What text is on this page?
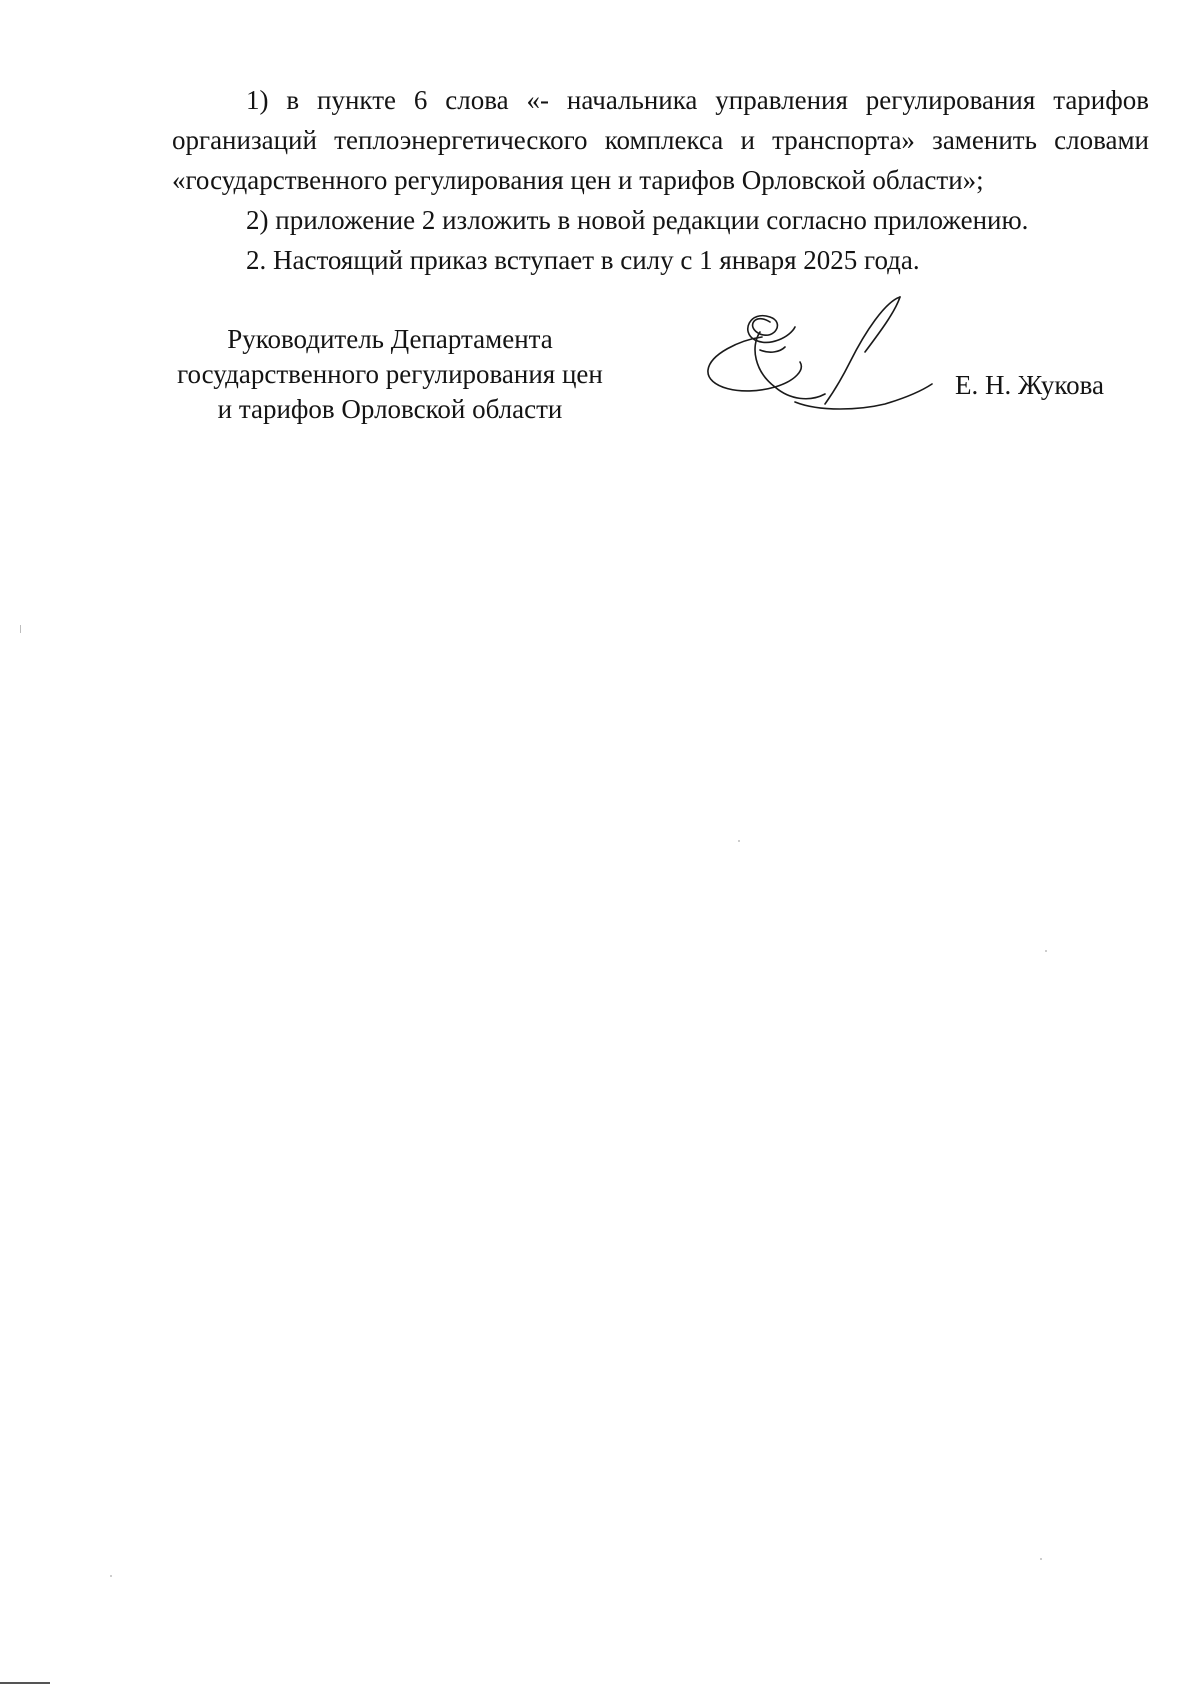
1) в пункте 6 слова «- начальника управления регулирования тарифов
организаций теплоэнергетического комплекса и транспорта» заменить словами
«государственного регулирования цен и тарифов Орловской области»;
2) приложение 2 изложить в новой редакции согласно приложению.
2. Настоящий приказ вступает в силу с 1 января 2025 года.
Руководитель Департамента
государственного регулирования цен
и тарифов Орловской области
Е. Н. Жукова
